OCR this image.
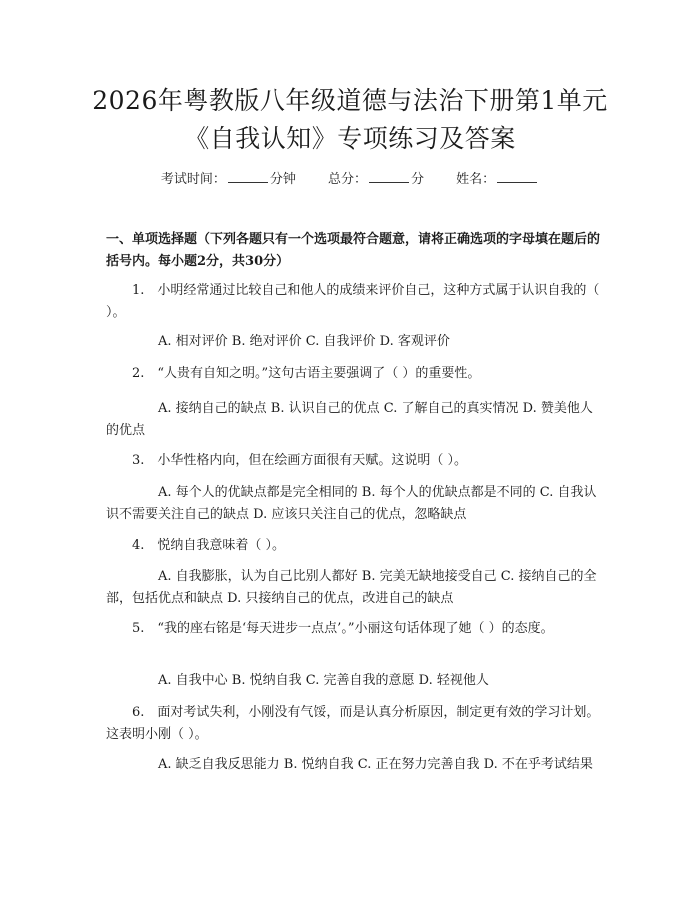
2026年粤教版八年级道德与法治下册第1单元《自我认知》专项练习及答案
考试时间：	分钟 总分：	分 姓名：
一、单项选择题（下列各题只有一个选项最符合题意，请将正确选项的字母填在题后的括号内。每小题2分，共30分）
1.　小明经常通过比较自己和他人的成绩来评价自己，这种方式属于认识自我的（ ）。
A. 相对评价 B. 绝对评价 C. 自我评价 D. 客观评价
2.　“人贵有自知之明。”这句古语主要强调了（ ）的重要性。
A. 接纳自己的缺点 B. 认识自己的优点 C. 了解自己的真实情况 D. 赞美他人的优点
3.　小华性格内向，但在绘画方面很有天赋。这说明（ ）。
A. 每个人的优缺点都是完全相同的 B. 每个人的优缺点都是不同的 C. 自我认识不需要关注自己的缺点 D. 应该只关注自己的优点，忽略缺点
4.　悦纳自我意味着（ ）。
A. 自我膨胀，认为自己比别人都好 B. 完美无缺地接受自己 C. 接纳自己的全部，包括优点和缺点 D. 只接纳自己的优点，改进自己的缺点
5.　“我的座右铭是‘每天进步一点点’。”小丽这句话体现了她（ ）的态度。
A. 自我中心 B. 悦纳自我 C. 完善自我的意愿 D. 轻视他人
6.　面对考试失利，小刚没有气馁，而是认真分析原因，制定更有效的学习计划。这表明小刚（ ）。
A. 缺乏自我反思能力 B. 悦纳自我 C. 正在努力完善自我 D. 不在乎考试结果
